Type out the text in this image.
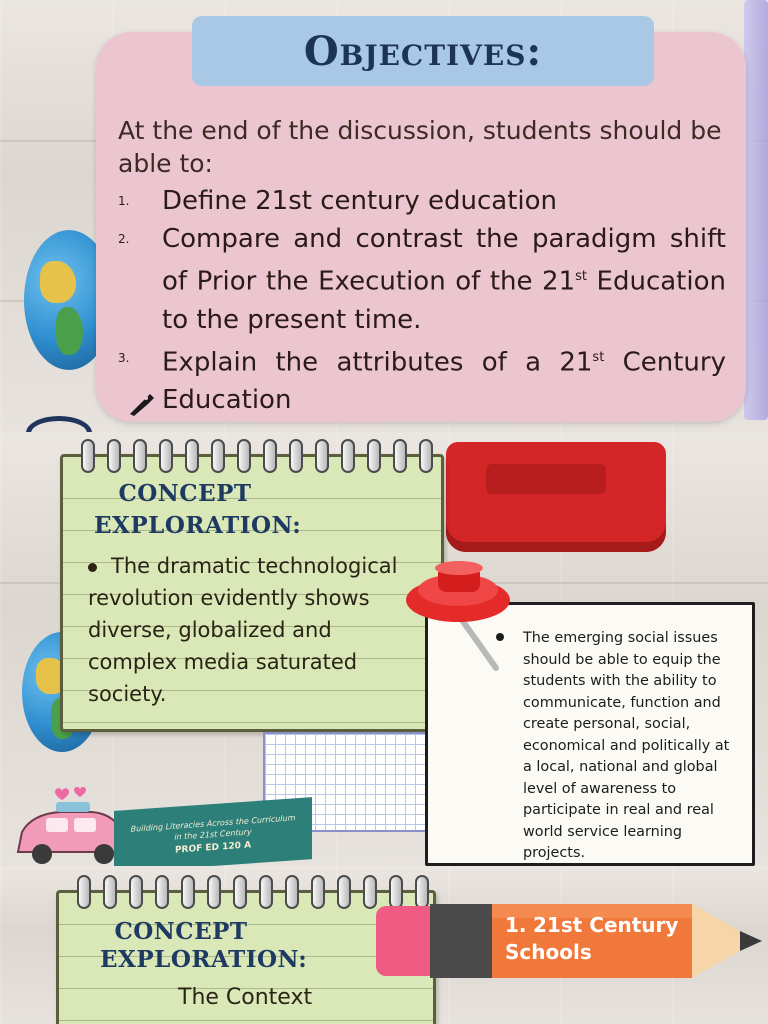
Objectives:

At the end of the discussion, students should be able to:

1. Define 21st century education
2. Compare and contrast the paradigm shift of Prior the Execution of the 21st Education to the present time.
3. Explain the attributes of a 21st Century Education
CONCEPT
EXPLORATION:
The dramatic technological revolution evidently shows diverse, globalized and complex media saturated society.

The emerging social issues should be able to equip the students with the ability to communicate, function and create personal, social, economical and politically at a local, national and global level of awareness to participate in real and real world service learning projects.

Building Literacies Across the Curriculum in the 21st Century
PROF ED 120 A
CONCEPT
EXPLORATION:
The Context
1. 21st Century Schools
